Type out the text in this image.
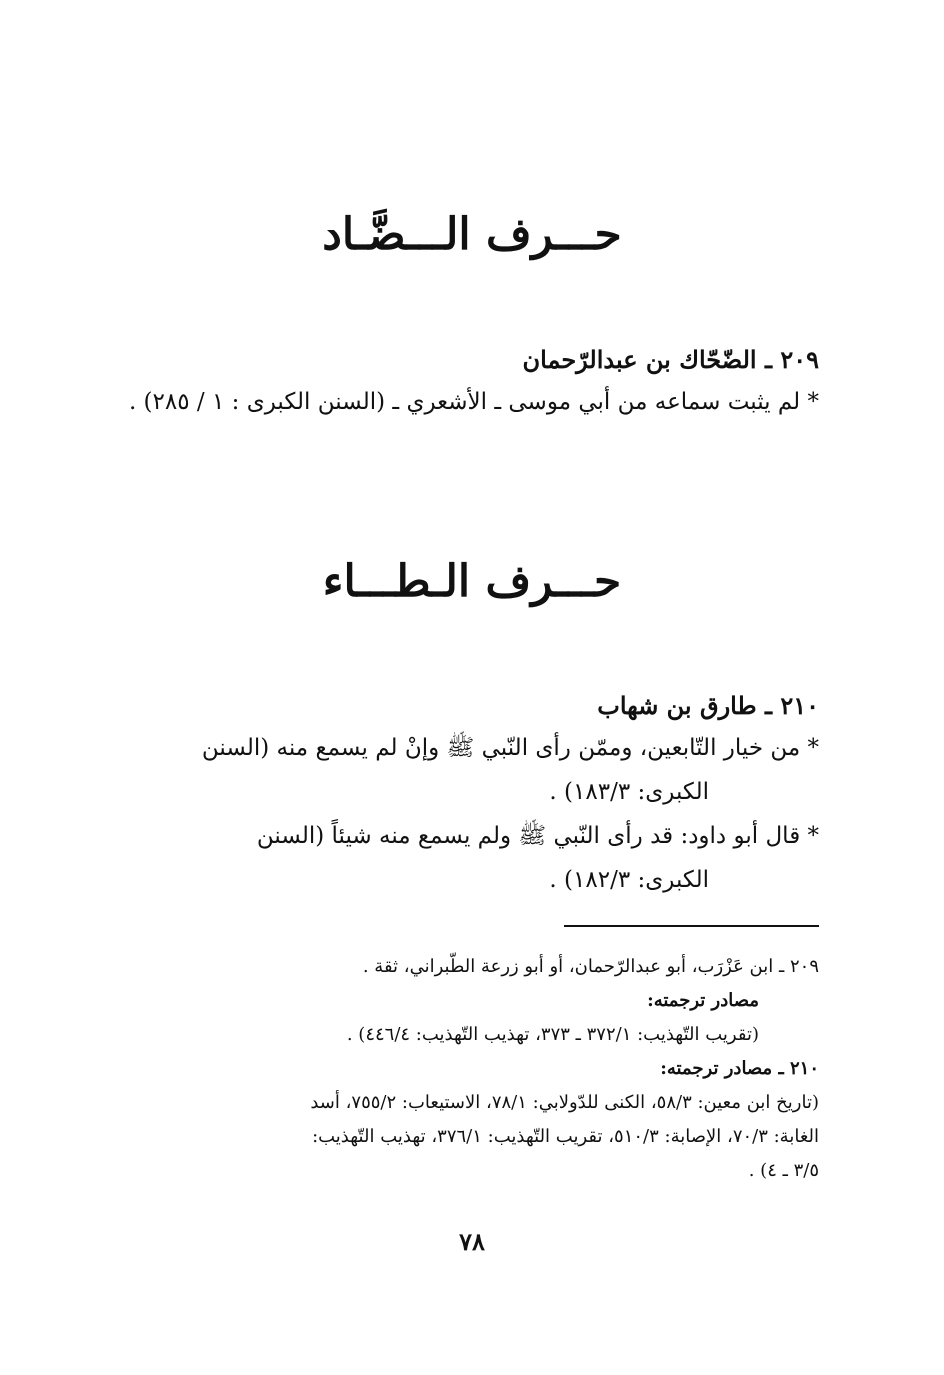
حـــرف الـــضَّـاد
٢٠٩ ـ الضّحّاك بن عبدالرّحمان
* لم يثبت سماعه من أبي موسى ـ الأشعري ـ (السنن الكبرى : ١ / ٢٨٥) .
حـــرف الـطـــاء
٢١٠ ـ طارق بن شهاب
* من خيار التّابعين، وممّن رأى النّبي ﷺ وإنْ لم يسمع منه (السنن
الكبرى: ١٨٣/٣) .
* قال أبو داود: قد رأى النّبي ﷺ ولم يسمع منه شيئاً (السنن
الكبرى: ١٨٢/٣) .
٢٠٩ ـ ابن عَزْرَب، أبو عبدالرّحمان، أو أبو زرعة الطّبراني، ثقة .
مصادر ترجمته:
(تقريب التّهذيب: ٣٧٢/١ ـ ٣٧٣، تهذيب التّهذيب: ٤٤٦/٤) .
٢١٠ ـ مصادر ترجمته:
(تاريخ ابن معين: ٥٨/٣، الكنى للدّولابي: ٧٨/١، الاستيعاب: ٧٥٥/٢، أسد
الغابة: ٧٠/٣، الإصابة: ٥١٠/٣، تقريب التّهذيب: ٣٧٦/١، تهذيب التّهذيب:
٣/٥ ـ ٤) .
٧٨
